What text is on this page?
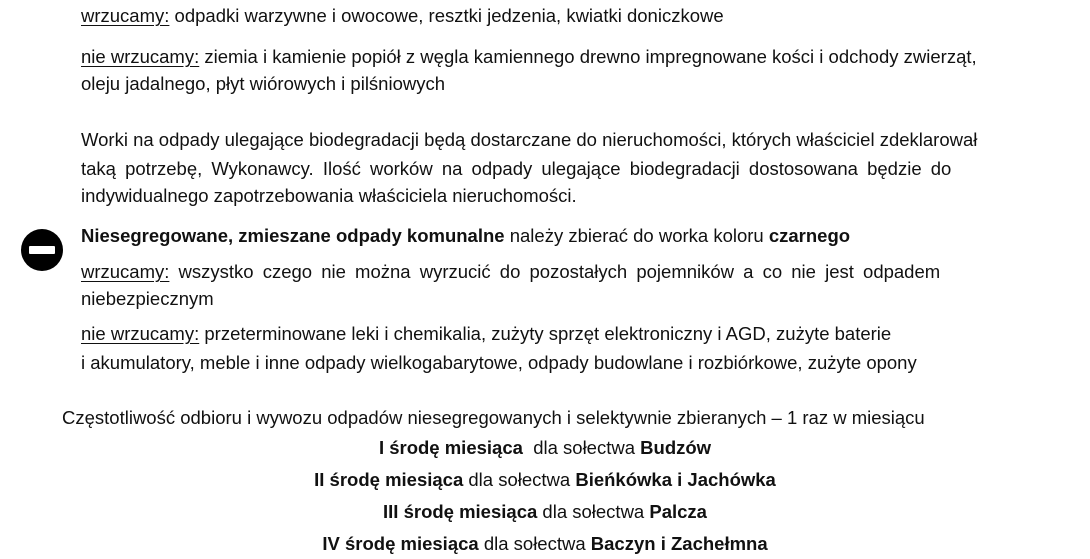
wrzucamy: odpadki warzywne i owocowe, resztki jedzenia, kwiatki doniczkowe
nie wrzucamy: ziemia i kamienie popiół z węgla kamiennego drewno impregnowane kości i odchody zwierząt,
oleju jadalnego, płyt wiórowych i pilśniowych
Worki na odpady ulegające biodegradacji będą dostarczane do nieruchomości, których właściciel zdeklarował
taką potrzebę, Wykonawcy. Ilość worków na odpady ulegające biodegradacji dostosowana będzie do
indywidualnego zapotrzebowania właściciela nieruchomości.
Niesegregowane, zmieszane odpady komunalne należy zbierać do worka koloru czarnego
wrzucamy: wszystko czego nie można wyrzucić do pozostałych pojemników a co nie jest odpadem
niebezpiecznym
nie wrzucamy: przeterminowane leki i chemikalia, zużyty sprzęt elektroniczny i AGD, zużyte baterie
i akumulatory, meble i inne odpady wielkogabarytowe, odpady budowlane i rozbiórkowe, zużyte opony
Częstotliwość odbioru i wywozu odpadów niesegregowanych i selektywnie zbieranych – 1 raz w miesiącu
I środę miesiąca  dla sołectwa Budzów
II środę miesiąca dla sołectwa Bieńkówka i Jachówka
III środę miesiąca dla sołectwa Palcza
IV środę miesiąca dla sołectwa Baczyn i Zachełmna
